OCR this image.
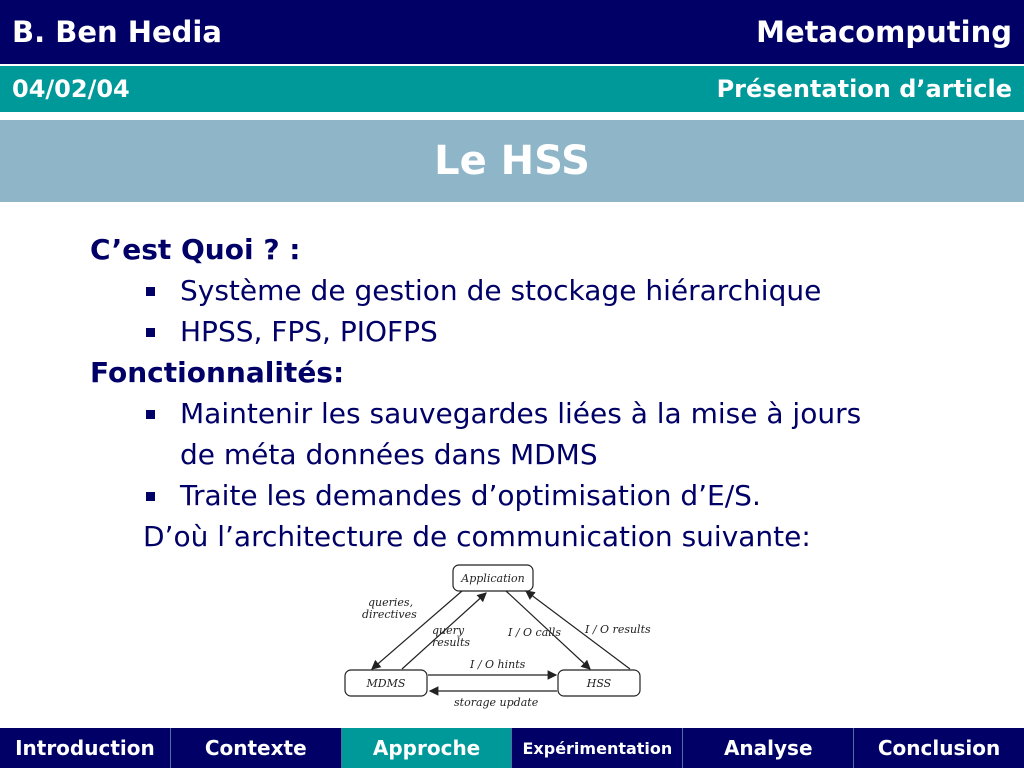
B. Ben Hedia	Metacomputing
04/02/04	Présentation d’article
Le HSS
C’est Quoi ? :
Système de gestion de stockage hiérarchique
HPSS, FPS, PIOFPS
Fonctionnalités:
Maintenir les sauvegardes liées à la mise à jours
de méta données dans MDMS
Traite les demandes d’optimisation d’E/S.
D’où l’architecture de communication suivante:
Application
MDMS	HSS
queries,
directives
query
results
I / O calls I / O results
I / O hints
storage update
Introduction	Contexte	Approche	Expérimentation	Analyse	Conclusion
